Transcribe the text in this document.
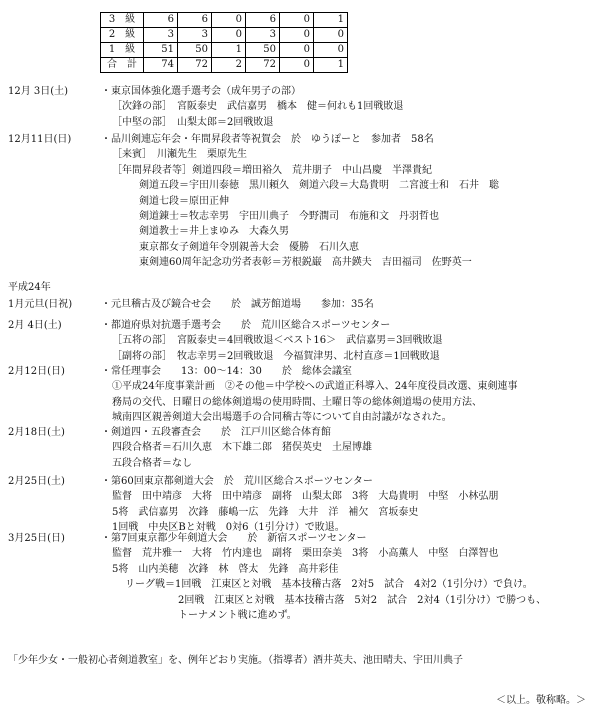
3　級	6	6	0	6	0	1
2　級	3	3	0	3	0	0
1　級	51	50	1	50	0	0
合　計	74	72	2	72	0	1
平成24年
12月 3日(土)	・東京国体強化選手選考会（成年男子の部）
［次鋒の部］　宮阪泰史　武信嘉男　橋本　健＝何れも1回戦敗退
［中堅の部］　山梨太郎＝2回戦敗退
12月11日(日)	・品川剣連忘年会・年間昇段者等祝賀会　於　ゆうぽーと　参加者　58名
［来賓］　川瀬先生　栗原先生
［年間昇段者等］剣道四段＝増田裕久　荒井朋子　中山昌慶　半澤貴紀
剣道五段＝宇田川泰徳　黒川頼久　剣道六段＝大島貴明　二宮渡士和　石井　聡
剣道七段＝原田正伸
剣道錬士＝牧志幸男　宇田川典子　今野潤司　布施和文　丹羽哲也
剣道教士＝井上まゆみ　大森久男
東京都女子剣道年令別親善大会　優勝　石川久恵
東剣連60周年記念功労者表彰＝芳根鋭巌　高井鍈夫　吉田福司　佐野英一
1月元旦(日祝)	・元旦稽古及び鏡合せ会　　於　誠芳館道場　　参加：35名
2月 4日(土)	・都道府県対抗選手選考会　　於　荒川区総合スポーツセンター
［五将の部］　宮阪泰史＝4回戦敗退＜ベスト16＞　武信嘉男＝3回戦敗退
［副将の部］　牧志幸男＝2回戦敗退　今福賀津男、北村直彦＝1回戦敗退
2月12日(日)	・常任理事会　　13：00～14：30　　於　総体会議室
①平成24年度事業計画　②その他＝中学校への武道正科導入、24年度役員改選、東剣連事
務局の交代、日曜日の総体剣道場の使用時間、土曜日等の総体剣道場の使用方法、
城南四区親善剣道大会出場選手の合同稽古等について自由討議がなされた。
2月18日(土)	・剣道四・五段審査会　　於　江戸川区総合体育館
四段合格者＝石川久恵　木下雄二郎　猪俣英史　土屋博雄
五段合格者＝なし
2月25日(土)	・第60回東京都剣道大会　於　荒川区総合スポーツセンター
監督　田中靖彦　大将　田中靖彦　副将　山梨太郎　3将　大島貴明　中堅　小林弘朋
5将　武信嘉男　次鋒　藤嶋一広　先鋒　大井　洋　補欠　宮坂泰史
1回戦　中央区Bと対戦　0対6（1引分け）で敗退。
3月25日(日)	・第7回東京都少年剣道大会　　於　新宿スポーツセンター
監督　荒井雅一　大将　竹内達也　副将　栗田奈美　3将　小高薫人　中堅　白澤智也
5将　山内美穂　次鋒　林　啓太　先鋒　高井彩佳
リーグ戦＝1回戦　江東区と対戦　基本技稽古落　2対5　試合　4対2（1引分け）で負け。
2回戦　江東区と対戦　基本技稽古落　5対2　試合　2対4（1引分け）で勝つも、
トーナメント戦に進めず。
「少年少女・一般初心者剣道教室」を、例年どおり実施。（指導者）酒井英夫、池田晴夫、宇田川典子
＜以上。敬称略。＞
